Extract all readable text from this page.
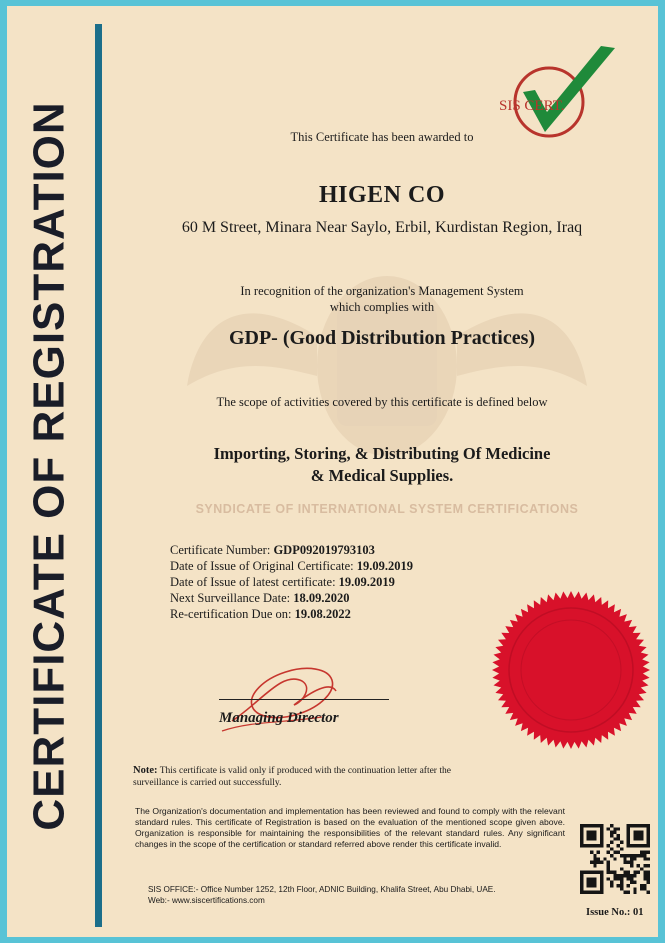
CERTIFICATE OF REGISTRATION	SYNDICATE OF INTERNATIONAL SYSTEM CERTIFICATIONS
SIS CERT.
This Certificate has been awarded to
HIGEN CO
60 M Street, Minara Near Saylo, Erbil, Kurdistan Region, Iraq
In recognition of the organization's Management System
which complies with
GDP- (Good Distribution Practices)
The scope of activities covered by this certificate is defined below
Importing, Storing, & Distributing Of Medicine
& Medical Supplies.
Certificate Number: GDP092019793103
Date of Issue of Original Certificate: 19.09.2019
Date of Issue of latest certificate: 19.09.2019
Next Surveillance Date: 18.09.2020
Re-certification Due on: 19.08.2022
Managing Director
Note: This certificate is valid only if produced with the continuation letter after the surveillance is carried out successfully.
The Organization's documentation and implementation has been reviewed and found to comply with the relevant standard rules. This certificate of Registration is based on the evaluation of the mentioned scope given above. Organization is responsible for maintaining the responsibilities of the relevant standard rules. Any significant changes in the scope of the certification or standard referred above render this certificate invalid.
SIS OFFICE:- Office Number 1252, 12th Floor, ADNIC Building, Khalifa Street, Abu Dhabi, UAE.
Web:- www.siscertifications.com
Issue No.: 01
